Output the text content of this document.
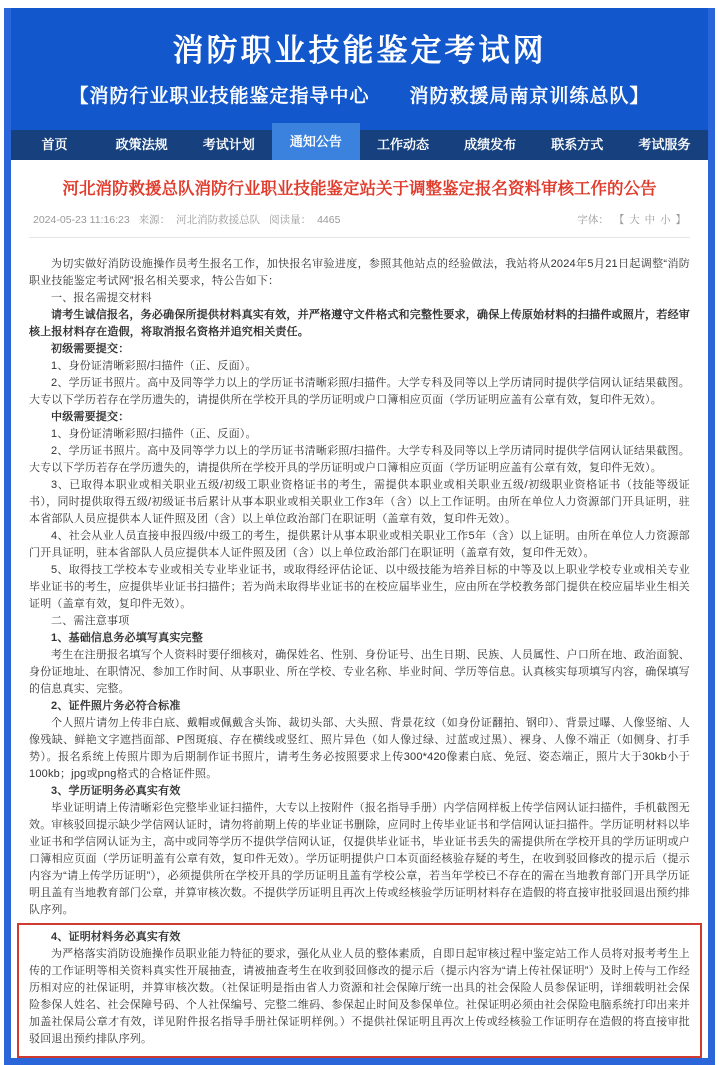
消防职业技能鉴定考试网
【消防行业职业技能鉴定指导中心　　消防救援局南京训练总队】
首页	政策法规	考试计划	通知公告	工作动态	成绩发布	联系方式	考试服务
河北消防救援总队消防行业职业技能鉴定站关于调整鉴定报名资料审核工作的公告
2024-05-23 11:16:23 来源： 河北消防救援总队 阅读量： 4465	字体： 【 大 中 小 】

为切实做好消防设施操作员考生报名工作，加快报名审验进度，参照其他站点的经验做法，我站将从2024年5月21日起调整“消防职业技能鉴定考试网”报名相关要求，特公告如下：

一、报名需提交材料

请考生诚信报名，务必确保所提供材料真实有效，并严格遵守文件格式和完整性要求，确保上传原始材料的扫描件或照片，若经审核上报材料存在造假，将取消报名资格并追究相关责任。

初级需要提交：

1、身份证清晰彩照/扫描件（正、反面）。

2、学历证书照片。高中及同等学力以上的学历证书清晰彩照/扫描件。大学专科及同等以上学历请同时提供学信网认证结果截图。大专以下学历若存在学历遗失的，请提供所在学校开具的学历证明或户口簿相应页面（学历证明应盖有公章有效，复印件无效）。

中级需要提交：

1、身份证清晰彩照/扫描件（正、反面）。

2、学历证书照片。高中及同等学力以上的学历证书清晰彩照/扫描件。大学专科及同等以上学历请同时提供学信网认证结果截图。大专以下学历若存在学历遗失的，请提供所在学校开具的学历证明或户口簿相应页面（学历证明应盖有公章有效，复印件无效）。

3、已取得本职业或相关职业五级/初级工职业资格证书的考生，需提供本职业或相关职业五级/初级职业资格证书（技能等级证书），同时提供取得五级/初级证书后累计从事本职业或相关职业工作3年（含）以上工作证明。由所在单位人力资源部门开具证明，驻本省部队人员应提供本人证件照及团（含）以上单位政治部门在职证明（盖章有效，复印件无效）。

4、社会从业人员直接申报四级/中级工的考生，提供累计从事本职业或相关职业工作5年（含）以上证明。由所在单位人力资源部门开具证明，驻本省部队人员应提供本人证件照及团（含）以上单位政治部门在职证明（盖章有效，复印件无效）。

5、取得技工学校本专业或相关专业毕业证书，或取得经评估论证、以中级技能为培养目标的中等及以上职业学校专业或相关专业毕业证书的考生，应提供毕业证书扫描件；若为尚未取得毕业证书的在校应届毕业生，应由所在学校教务部门提供在校应届毕业生相关证明（盖章有效，复印件无效）。

二、需注意事项

1、基础信息务必填写真实完整

考生在注册报名填写个人资料时要仔细核对，确保姓名、性别、身份证号、出生日期、民族、人员属性、户口所在地、政治面貌、身份证地址、在职情况、参加工作时间、从事职业、所在学校、专业名称、毕业时间、学历等信息。认真核实每项填写内容，确保填写的信息真实、完整。

2、证件照片务必符合标准

个人照片请勿上传非白底、戴帽或佩戴含头饰、裁切头部、大头照、背景花纹（如身份证翻拍、钢印）、背景过曝、人像竖缩、人像残缺、鲜艳文字遮挡面部、P图斑痕、存在横线或竖红、照片异色（如人像过绿、过蓝或过黑）、裸身、人像不端正（如侧身、打手势）。报名系统上传照片即为后期制作证书照片，请考生务必按照要求上传300*420像素白底、免冠、姿态端正，照片大于30kb小于100kb；jpg或png格式的合格证件照。

3、学历证明务必真实有效

毕业证明请上传清晰彩色完整毕业证扫描件，大专以上按附件（报名指导手册）内学信网样板上传学信网认证扫描件，手机截图无效。审核驳回提示缺少学信网认证时，请勿将前期上传的毕业证书删除，应同时上传毕业证书和学信网认证扫描件。学历证明材料以毕业证书和学信网认证为主，高中或同等学历不提供学信网认证，仅提供毕业证书，毕业证书丢失的需提供所在学校开具的学历证明或户口簿相应页面（学历证明盖有公章有效，复印件无效）。学历证明提供户口本页面经核验存疑的考生，在收到驳回修改的提示后（提示内容为“请上传学历证明”），必须提供所在学校开具的学历证明且盖有学校公章，若当年学校已不存在的需在当地教育部门开具学历证明且盖有当地教育部门公章，并算审核次数。不提供学历证明且再次上传或经核验学历证明材料存在造假的将直接审批驳回退出预约排队序列。

4、证明材料务必真实有效

为严格落实消防设施操作员职业能力特征的要求，强化从业人员的整体素质，自即日起审核过程中鉴定站工作人员将对报考考生上传的工作证明等相关资料真实性开展抽查，请被抽查考生在收到驳回修改的提示后（提示内容为“请上传社保证明”）及时上传与工作经历相对应的社保证明，并算审核次数。（社保证明是指由省人力资源和社会保障厅统一出具的社会保险人员参保证明，详细载明社会保险参保人姓名、社会保障号码、个人社保编号、完整二维码、参保起止时间及参保单位。社保证明必须由社会保险电脑系统打印出来并加盖社保局公章才有效，详见附件报名指导手册社保证明样例。）不提供社保证明且再次上传或经核验工作证明存在造假的将直接审批驳回退出预约排队序列。
